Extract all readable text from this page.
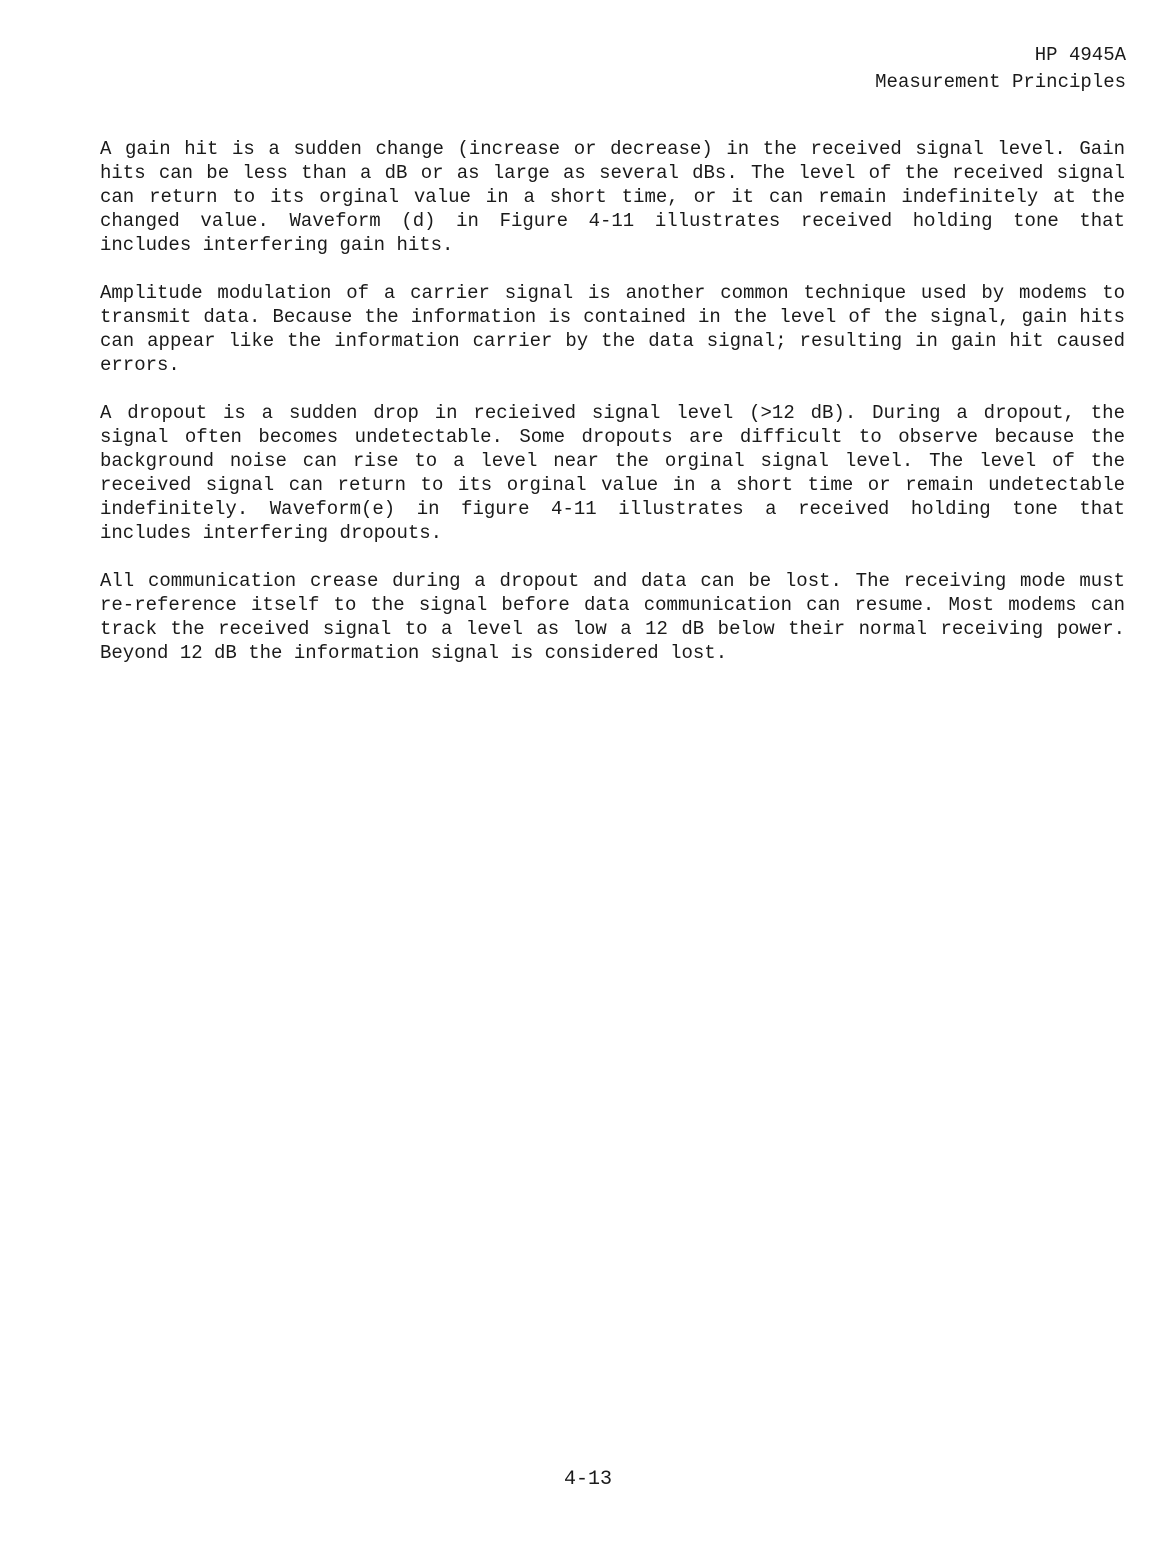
HP 4945A
Measurement Principles

A gain hit is a sudden change (increase or decrease) in the received signal level. Gain hits can be less than a dB or as large as several dBs. The level of the received signal can return to its orginal value in a short time, or it can remain indefinitely at the changed value. Waveform (d) in Figure 4-11 illustrates received holding tone that includes interfering gain hits.

Amplitude modulation of a carrier signal is another common technique used by modems to transmit data. Because the information is contained in the level of the signal, gain hits can appear like the information carrier by the data signal; resulting in gain hit caused errors.

A dropout is a sudden drop in recieived signal level (>12 dB). During a dropout, the signal often becomes undetectable. Some dropouts are difficult to observe because the background noise can rise to a level near the orginal signal level. The level of the received signal can return to its orginal value in a short time or remain undetectable indefinitely. Waveform(e) in figure 4-11 illustrates a received holding tone that includes interfering dropouts.

All communication crease during a dropout and data can be lost. The receiving mode must re-reference itself to the signal before data communication can resume. Most modems can track the received signal to a level as low a 12 dB below their normal receiving power. Beyond 12 dB the information signal is considered lost.

4-13
